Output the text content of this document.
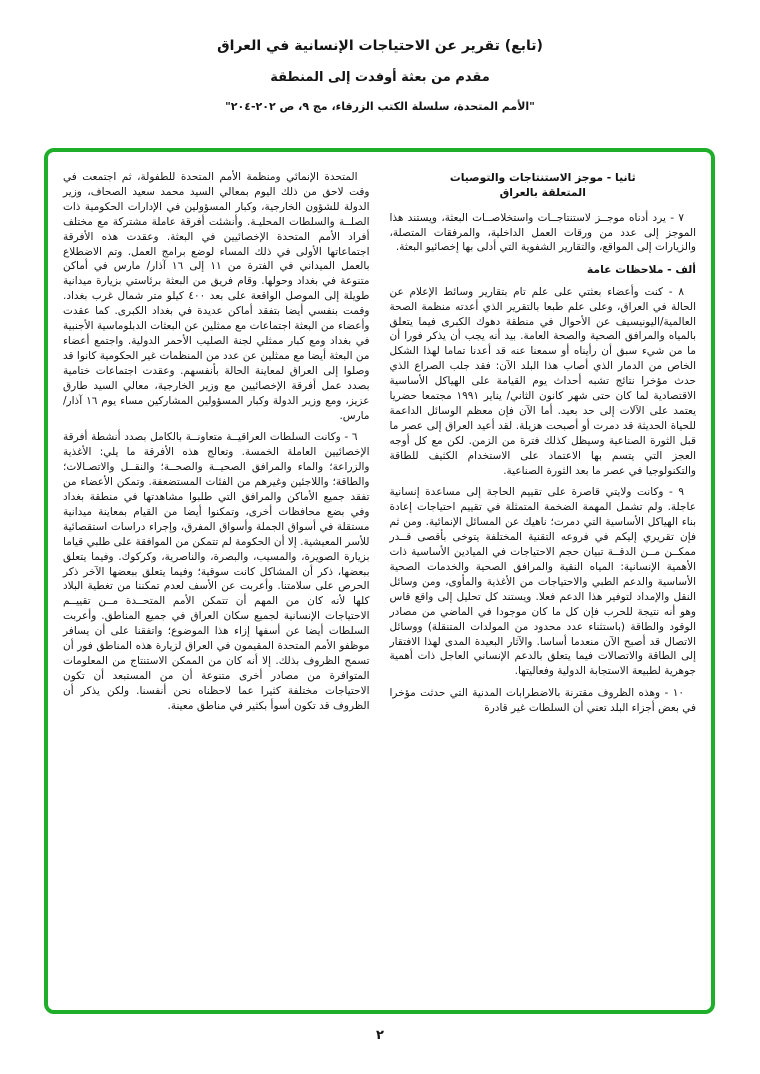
(تابع) تقرير عن الاحتياجات الإنسانية في العراق
مقدم من بعثة أوفدت إلى المنطقة
"الأمم المتحدة، سلسلة الكتب الزرقاء، مج ٩، ص ٢٠٢-٢٠٤"
ثانيا - موجز الاستنتاجات والتوصيات
المتعلقة بالعراق

٧ - يرد أدناه موجــز لاستنتاجــات واستخلاصــات البعثة، ويستند هذا الموجز إلى عدد من ورقات العمل الداخلية، والمرفقات المتصلة، والزيارات إلى المواقع، والتقارير الشفوية التي أدلى بها إخصائيو البعثة.

ألف - ملاحظات عامة

٨ - كنت وأعضاء بعثتي على علم تام بتقارير وسائط الإعلام عن الحالة في العراق، وعلى علم طبعا بالتقرير الذي أعدته منظمة الصحة العالمية/اليونيسيف عن الأحوال في منطقة دهوك الكبرى فيما يتعلق بالمياه والمرافق الصحية والصحة العامة. بيد أنه يجب أن يذكر فورا أن ما من شيء سبق أن رأيناه أو سمعنا عنه قد أعدنا تماما لهذا الشكل الخاص من الدمار الذي أصاب هذا البلد الآن: فقد جلب الصراع الذي حدث مؤخرا نتائج تشبه أحداث يوم القيامة على الهياكل الأساسية الاقتصادية لما كان حتى شهر كانون الثاني/ يناير ١٩٩١ مجتمعا حضريا يعتمد على الآلات إلى حد بعيد. أما الآن فإن معظم الوسائل الداعمة للحياة الحديثة قد دمرت أو أصبحت هزيلة. لقد أعيد العراق إلى عصر ما قبل الثورة الصناعية وسيظل كذلك فترة من الزمن. لكن مع كل أوجه العجز التي يتسم بها الاعتماد على الاستخدام الكثيف للطاقة والتكنولوجيا في عصر ما بعد الثورة الصناعية.

٩ - وكانت ولايتي قاصرة على تقييم الحاجة إلى مساعدة إنسانية عاجلة. ولم تشمل المهمة الضخمة المتمثلة في تقييم احتياجات إعادة بناء الهياكل الأساسية التي دمرت؛ ناهيك عن المسائل الإنمائية. ومن ثم فإن تقريري إليكم في فروعه التقنية المختلفة يتوخى بأقصى قــدر ممكــن مــن الدقــة تبيان حجم الاحتياجات في الميادين الأساسية ذات الأهمية الإنسانية: المياه النقية والمرافق الصحية والخدمات الصحية الأساسية والدعم الطبي والاحتياجات من الأغذية والمأوى، ومن وسائل النقل والإمداد لتوفير هذا الدعم فعلا. ويستند كل تحليل إلى واقع قاس وهو أنه نتيجة للحرب فإن كل ما كان موجودا في الماضي من مصادر الوقود والطاقة (باستثناء عدد محدود من المولدات المتنقلة) ووسائل الاتصال قد أصبح الآن منعدما أساسا. والآثار البعيدة المدى لهذا الافتقار إلى الطاقة والاتصالات فيما يتعلق بالدعم الإنساني العاجل ذات أهمية جوهرية لطبيعة الاستجابة الدولية وفعاليتها.

١٠ - وهذه الظروف مقترنة بالاضطرابات المدنية التي حدثت مؤخرا في بعض أجزاء البلد تعني أن السلطات غير قادرة

المتحدة الإنمائي ومنظمة الأمم المتحدة للطفولة، ثم اجتمعت في وقت لاحق من ذلك اليوم بمعالي السيد محمد سعيد الصحاف، وزير الدولة للشؤون الخارجية، وكبار المسؤولين في الإدارات الحكومية ذات الصلــة والسلطات المحليـة. وأنشئت أفرقة عاملة مشتركة مع مختلف أفراد الأمم المتحدة الإخصائيين في البعثة. وعقدت هذه الأفرقة اجتماعاتها الأولى في ذلك المساء لوضع برامج العمل. وتم الاضطلاع بالعمل الميداني في الفترة من ١١ إلى ١٦ آذار/ مارس في أماكن متنوعة في بغداد وحولها. وقام فريق من البعثة برئاستي بزيارة ميدانية طويلة إلى الموصل الواقعة على بعد ٤٠٠ كيلو متر شمال غرب بغداد. وقمت بنفسي أيضا بتفقد أماكن عديدة في بغداد الكبرى. كما عقدت وأعضاء من البعثة اجتماعات مع ممثلين عن البعثات الدبلوماسية الأجنبية في بغداد ومع كبار ممثلي لجنة الصليب الأحمر الدولية. واجتمع أعضاء من البعثة أيضا مع ممثلين عن عدد من المنظمات غير الحكومية كانوا قد وصلوا إلى العراق لمعاينة الحالة بأنفسهم. وعقدت اجتماعات ختامية بصدد عمل أفرقة الإخصائيين مع وزير الخارجية، معالي السيد طارق عزيز، ومع وزير الدولة وكبار المسؤولين المشاركين مساء يوم ١٦ آذار/ مارس.

٦ - وكانت السلطات العراقيــة متعاونــة بالكامل بصدد أنشطة أفرقة الإخصائيين العاملة الخمسة. وتعالج هذه الأفرقة ما يلي: الأغذية والزراعة؛ والماء والمرافق الصحيــة والصحــة؛ والنقــل والاتصـالات؛ والطاقة؛ واللاجئين وغيرهم من الفئات المستضعفة. وتمكن الأعضاء من تفقد جميع الأماكن والمرافق التي طلبوا مشاهدتها في منطقة بغداد وفي بضع محافظات أخرى، وتمكنوا أيضا من القيام بمعاينة ميدانية مستقلة في أسواق الجملة وأسواق المفرق، وإجراء دراسات استقصائية للأسر المعيشية. إلا أن الحكومة لم تتمكن من الموافقة على طلبي قياما بزيارة الصويرة، والمسيب، والبصرة، والناصرية، وكركوك. وفيما يتعلق ببعضها، ذكر أن المشاكل كانت سوقية؛ وفيما يتعلق ببعضها الآخر ذكر الحرص على سلامتنا. وأعربت عن الأسف لعدم تمكننا من تغطية البلاد كلها لأنه كان من المهم أن تتمكن الأمم المتحــدة مــن تقييــم الاحتياجات الإنسانية لجميع سكان العراق في جميع المناطق. وأعربت السلطات أيضا عن أسفها إزاء هذا الموضوع؛ واتفقنا على أن يسافر موظفو الأمم المتحدة المقيمون في العراق لزيارة هذه المناطق فور أن تسمح الظروف بذلك. إلا أنه كان من الممكن الاستنتاج من المعلومات المتوافرة من مصادر أخرى متنوعة أن من المستبعد أن تكون الاحتياجات مختلفة كثيرا عما لاحظناه نحن أنفسنا. ولكن يذكر أن الظروف قد تكون أسوأ بكثير في مناطق معينة.

٢
